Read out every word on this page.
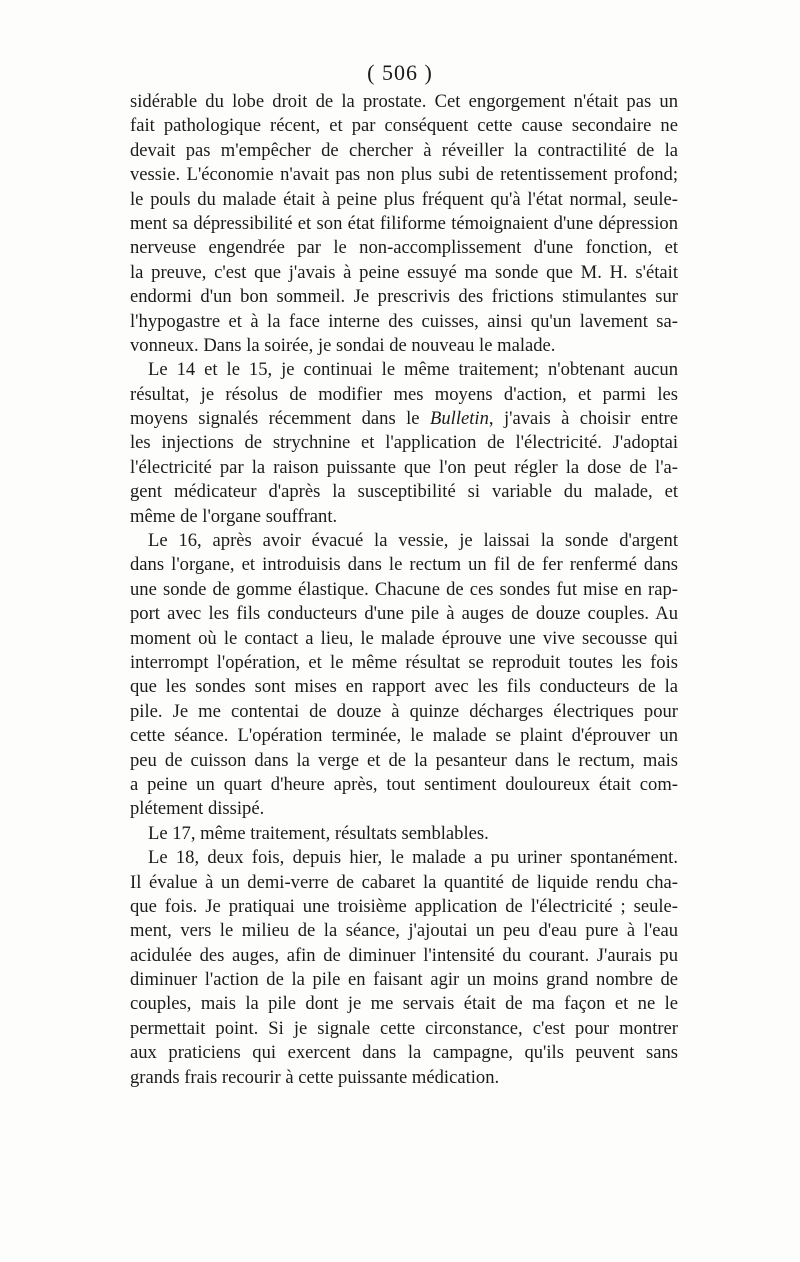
( 506 )
sidérable du lobe droit de la prostate. Cet engorgement n'était pas un
fait pathologique récent, et par conséquent cette cause secondaire ne
devait pas m'empêcher de chercher à réveiller la contractilité de la
vessie. L'économie n'avait pas non plus subi de retentissement profond;
le pouls du malade était à peine plus fréquent qu'à l'état normal, seule-
ment sa dépressibilité et son état filiforme témoignaient d'une dépression
nerveuse engendrée par le non-accomplissement d'une fonction, et
la preuve, c'est que j'avais à peine essuyé ma sonde que M. H. s'était
endormi d'un bon sommeil. Je prescrivis des frictions stimulantes sur
l'hypogastre et à la face interne des cuisses, ainsi qu'un lavement sa-
vonneux. Dans la soirée, je sondai de nouveau le malade.
Le 14 et le 15, je continuai le même traitement; n'obtenant aucun
résultat, je résolus de modifier mes moyens d'action, et parmi les
moyens signalés récemment dans le Bulletin, j'avais à choisir entre
les injections de strychnine et l'application de l'électricité. J'adoptai
l'électricité par la raison puissante que l'on peut régler la dose de l'a-
gent médicateur d'après la susceptibilité si variable du malade, et
même de l'organe souffrant.
Le 16, après avoir évacué la vessie, je laissai la sonde d'argent
dans l'organe, et introduisis dans le rectum un fil de fer renfermé dans
une sonde de gomme élastique. Chacune de ces sondes fut mise en rap-
port avec les fils conducteurs d'une pile à auges de douze couples. Au
moment où le contact a lieu, le malade éprouve une vive secousse qui
interrompt l'opération, et le même résultat se reproduit toutes les fois
que les sondes sont mises en rapport avec les fils conducteurs de la
pile. Je me contentai de douze à quinze décharges électriques pour
cette séance. L'opération terminée, le malade se plaint d'éprouver un
peu de cuisson dans la verge et de la pesanteur dans le rectum, mais
a peine un quart d'heure après, tout sentiment douloureux était com-
plétement dissipé.
Le 17, même traitement, résultats semblables.
Le 18, deux fois, depuis hier, le malade a pu uriner spontanément.
Il évalue à un demi-verre de cabaret la quantité de liquide rendu cha-
que fois. Je pratiquai une troisième application de l'électricité ; seule-
ment, vers le milieu de la séance, j'ajoutai un peu d'eau pure à l'eau
acidulée des auges, afin de diminuer l'intensité du courant. J'aurais pu
diminuer l'action de la pile en faisant agir un moins grand nombre de
couples, mais la pile dont je me servais était de ma façon et ne le
permettait point. Si je signale cette circonstance, c'est pour montrer
aux praticiens qui exercent dans la campagne, qu'ils peuvent sans
grands frais recourir à cette puissante médication.
